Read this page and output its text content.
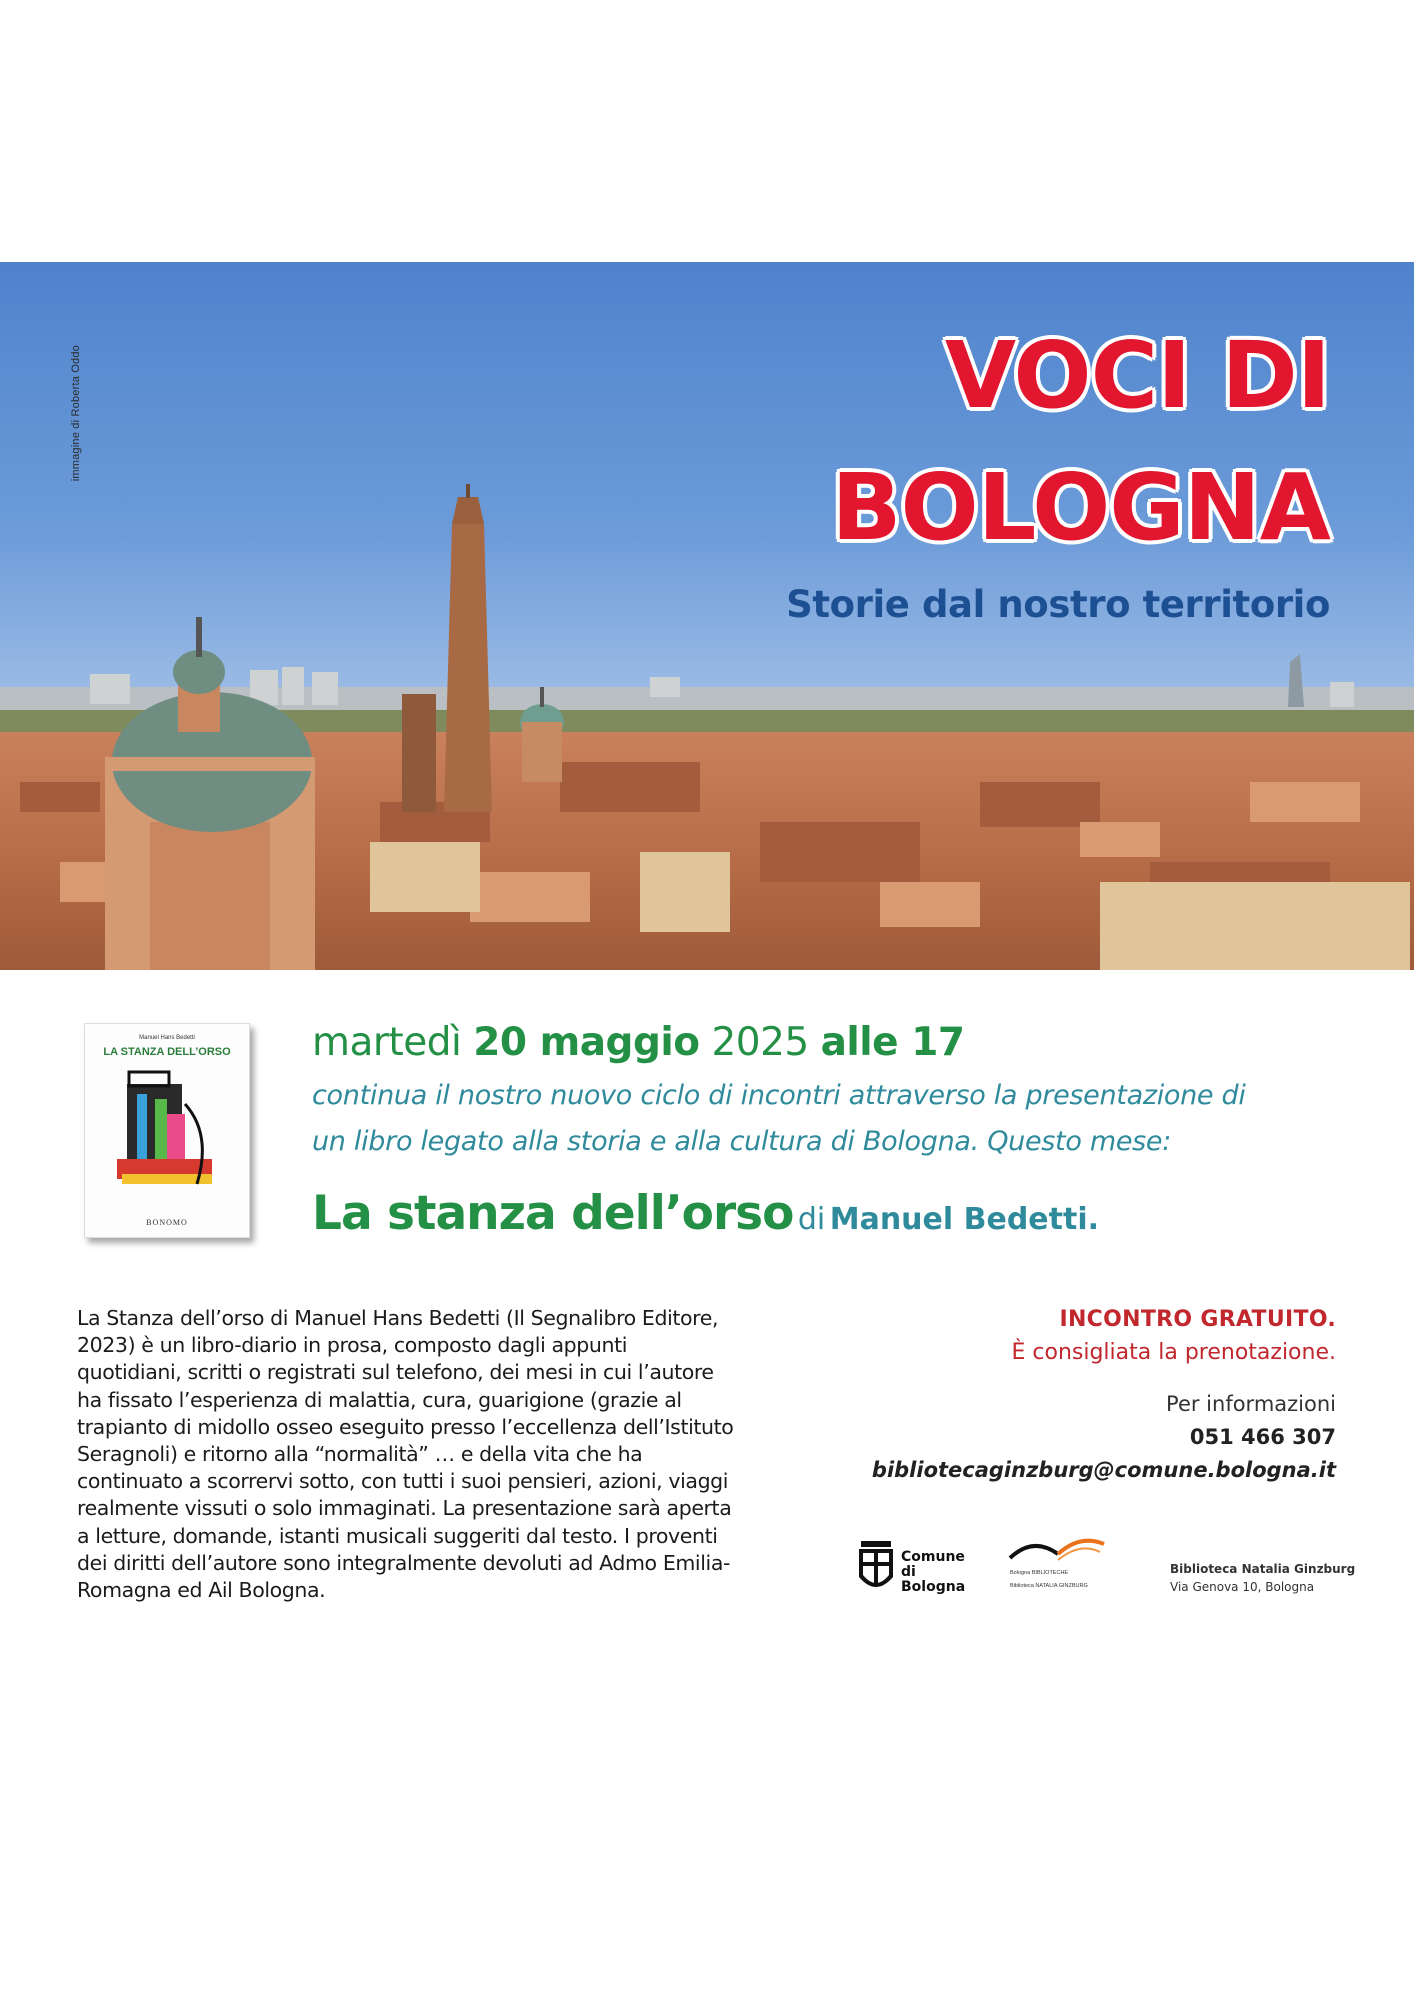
immagine di Roberta Oddo	VOCI DI
BOLOGNA
Storie dal nostro territorio
Manuel Hans Bedetti
LA STANZA DELL’ORSO
BONOMO
martedì 20 maggio 2025 alle 17
continua il nostro nuovo ciclo di incontri attraverso la presentazione di
un libro legato alla storia e alla cultura di Bologna. Questo mese:
La stanza dell’orso di Manuel Bedetti.
La Stanza dell’orso di Manuel Hans Bedetti (Il Segnalibro Editore, 2023) è un libro-diario in prosa, composto dagli appunti quotidiani, scritti o registrati sul telefono, dei mesi in cui l’autore ha fissato l’esperienza di malattia, cura, guarigione (grazie al trapianto di midollo osseo eseguito presso l’eccellenza dell’Istituto Seragnoli) e ritorno alla “normalità” … e della vita che ha continuato a scorrervi sotto, con tutti i suoi pensieri, azioni, viaggi realmente vissuti o solo immaginati. La presentazione sarà aperta a letture, domande, istanti musicali suggeriti dal testo. I proventi dei diritti dell’autore sono integralmente devoluti ad Admo Emilia-Romagna ed Ail Bologna.
INCONTRO GRATUITO.
È consigliata la prenotazione.
Per informazioni
051 466 307
bibliotecaginzburg@comune.bologna.it
Comune
di Bologna
Bologna BIBLIOTECHE
Biblioteca NATALIA GINZBURG
Biblioteca Natalia Ginzburg
Via Genova 10, Bologna
